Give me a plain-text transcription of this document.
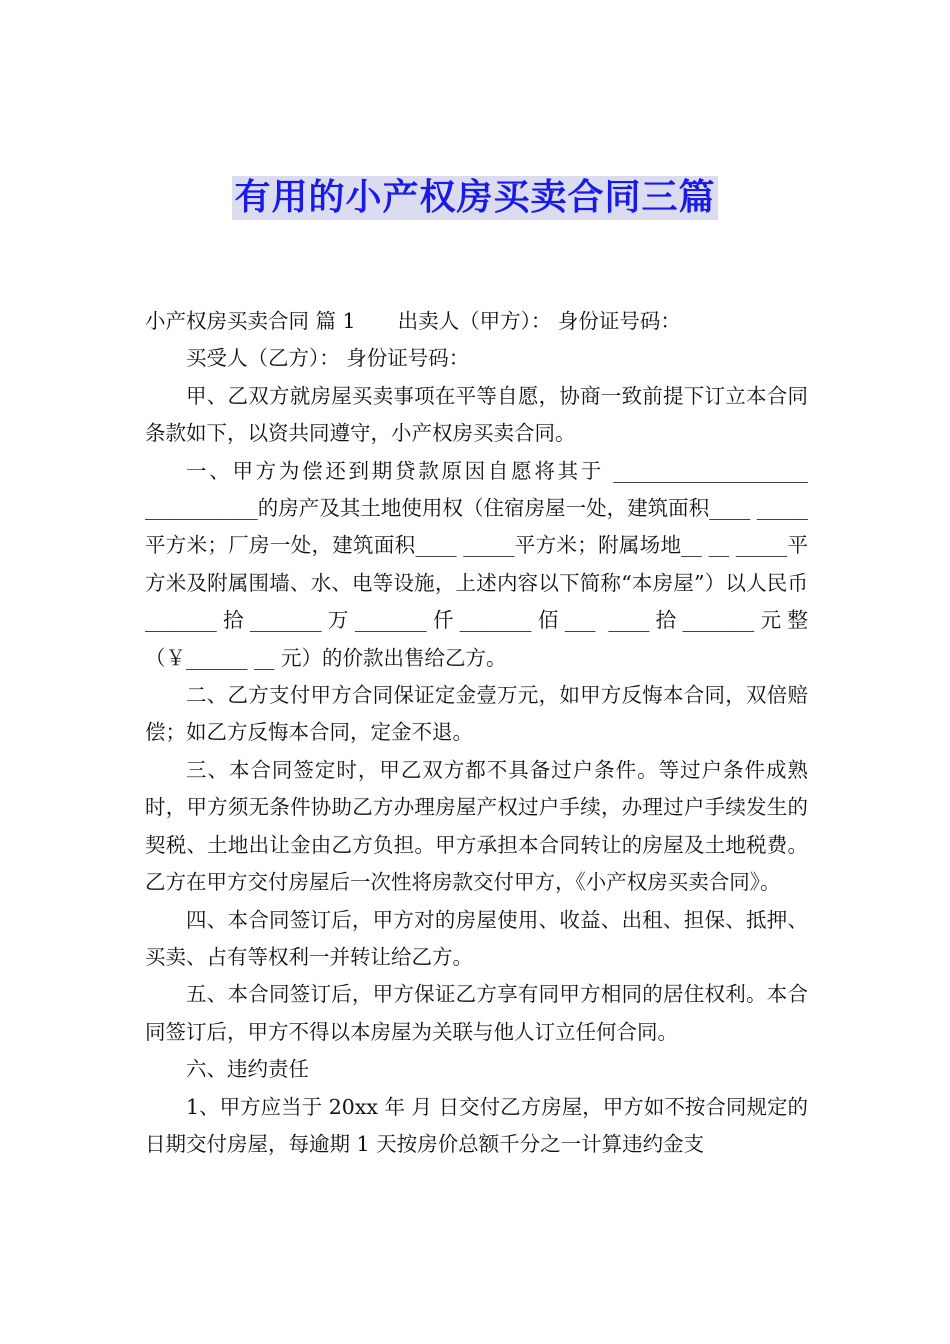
有用的小产权房买卖合同三篇

小产权房买卖合同 篇 1 出卖人（甲方）： 身份证号码：

买受人（乙方）： 身份证号码：

甲、乙双方就房屋买卖事项在平等自愿，协商一致前提下订立本合同条款如下，以资共同遵守，小产权房买卖合同。

一、甲方为偿还到期贷款原因自愿将其于 ___________________ ___________的房产及其土地使用权（住宿房屋一处，建筑面积____ _____平方米；厂房一处，建筑面积____ _____平方米；附属场地__ __ _____平方米及附属围墙、水、电等设施，上述内容以下简称“本房屋”）以人民币_______拾_______万_______仟_______佰___ ____拾_______元整（￥______ __ 元）的价款出售给乙方。

二、乙方支付甲方合同保证定金壹万元，如甲方反悔本合同，双倍赔偿；如乙方反悔本合同，定金不退。

三、本合同签定时，甲乙双方都不具备过户条件。等过户条件成熟时，甲方须无条件协助乙方办理房屋产权过户手续，办理过户手续发生的契税、土地出让金由乙方负担。甲方承担本合同转让的房屋及土地税费。乙方在甲方交付房屋后一次性将房款交付甲方，《小产权房买卖合同》。

四、本合同签订后，甲方对的房屋使用、收益、出租、担保、抵押、买卖、占有等权利一并转让给乙方。

五、本合同签订后，甲方保证乙方享有同甲方相同的居住权利。本合同签订后，甲方不得以本房屋为关联与他人订立任何合同。

六、违约责任

1、甲方应当于 20xx 年 月 日交付乙方房屋，甲方如不按合同规定的日期交付房屋，每逾期 1 天按房价总额千分之一计算违约金支
